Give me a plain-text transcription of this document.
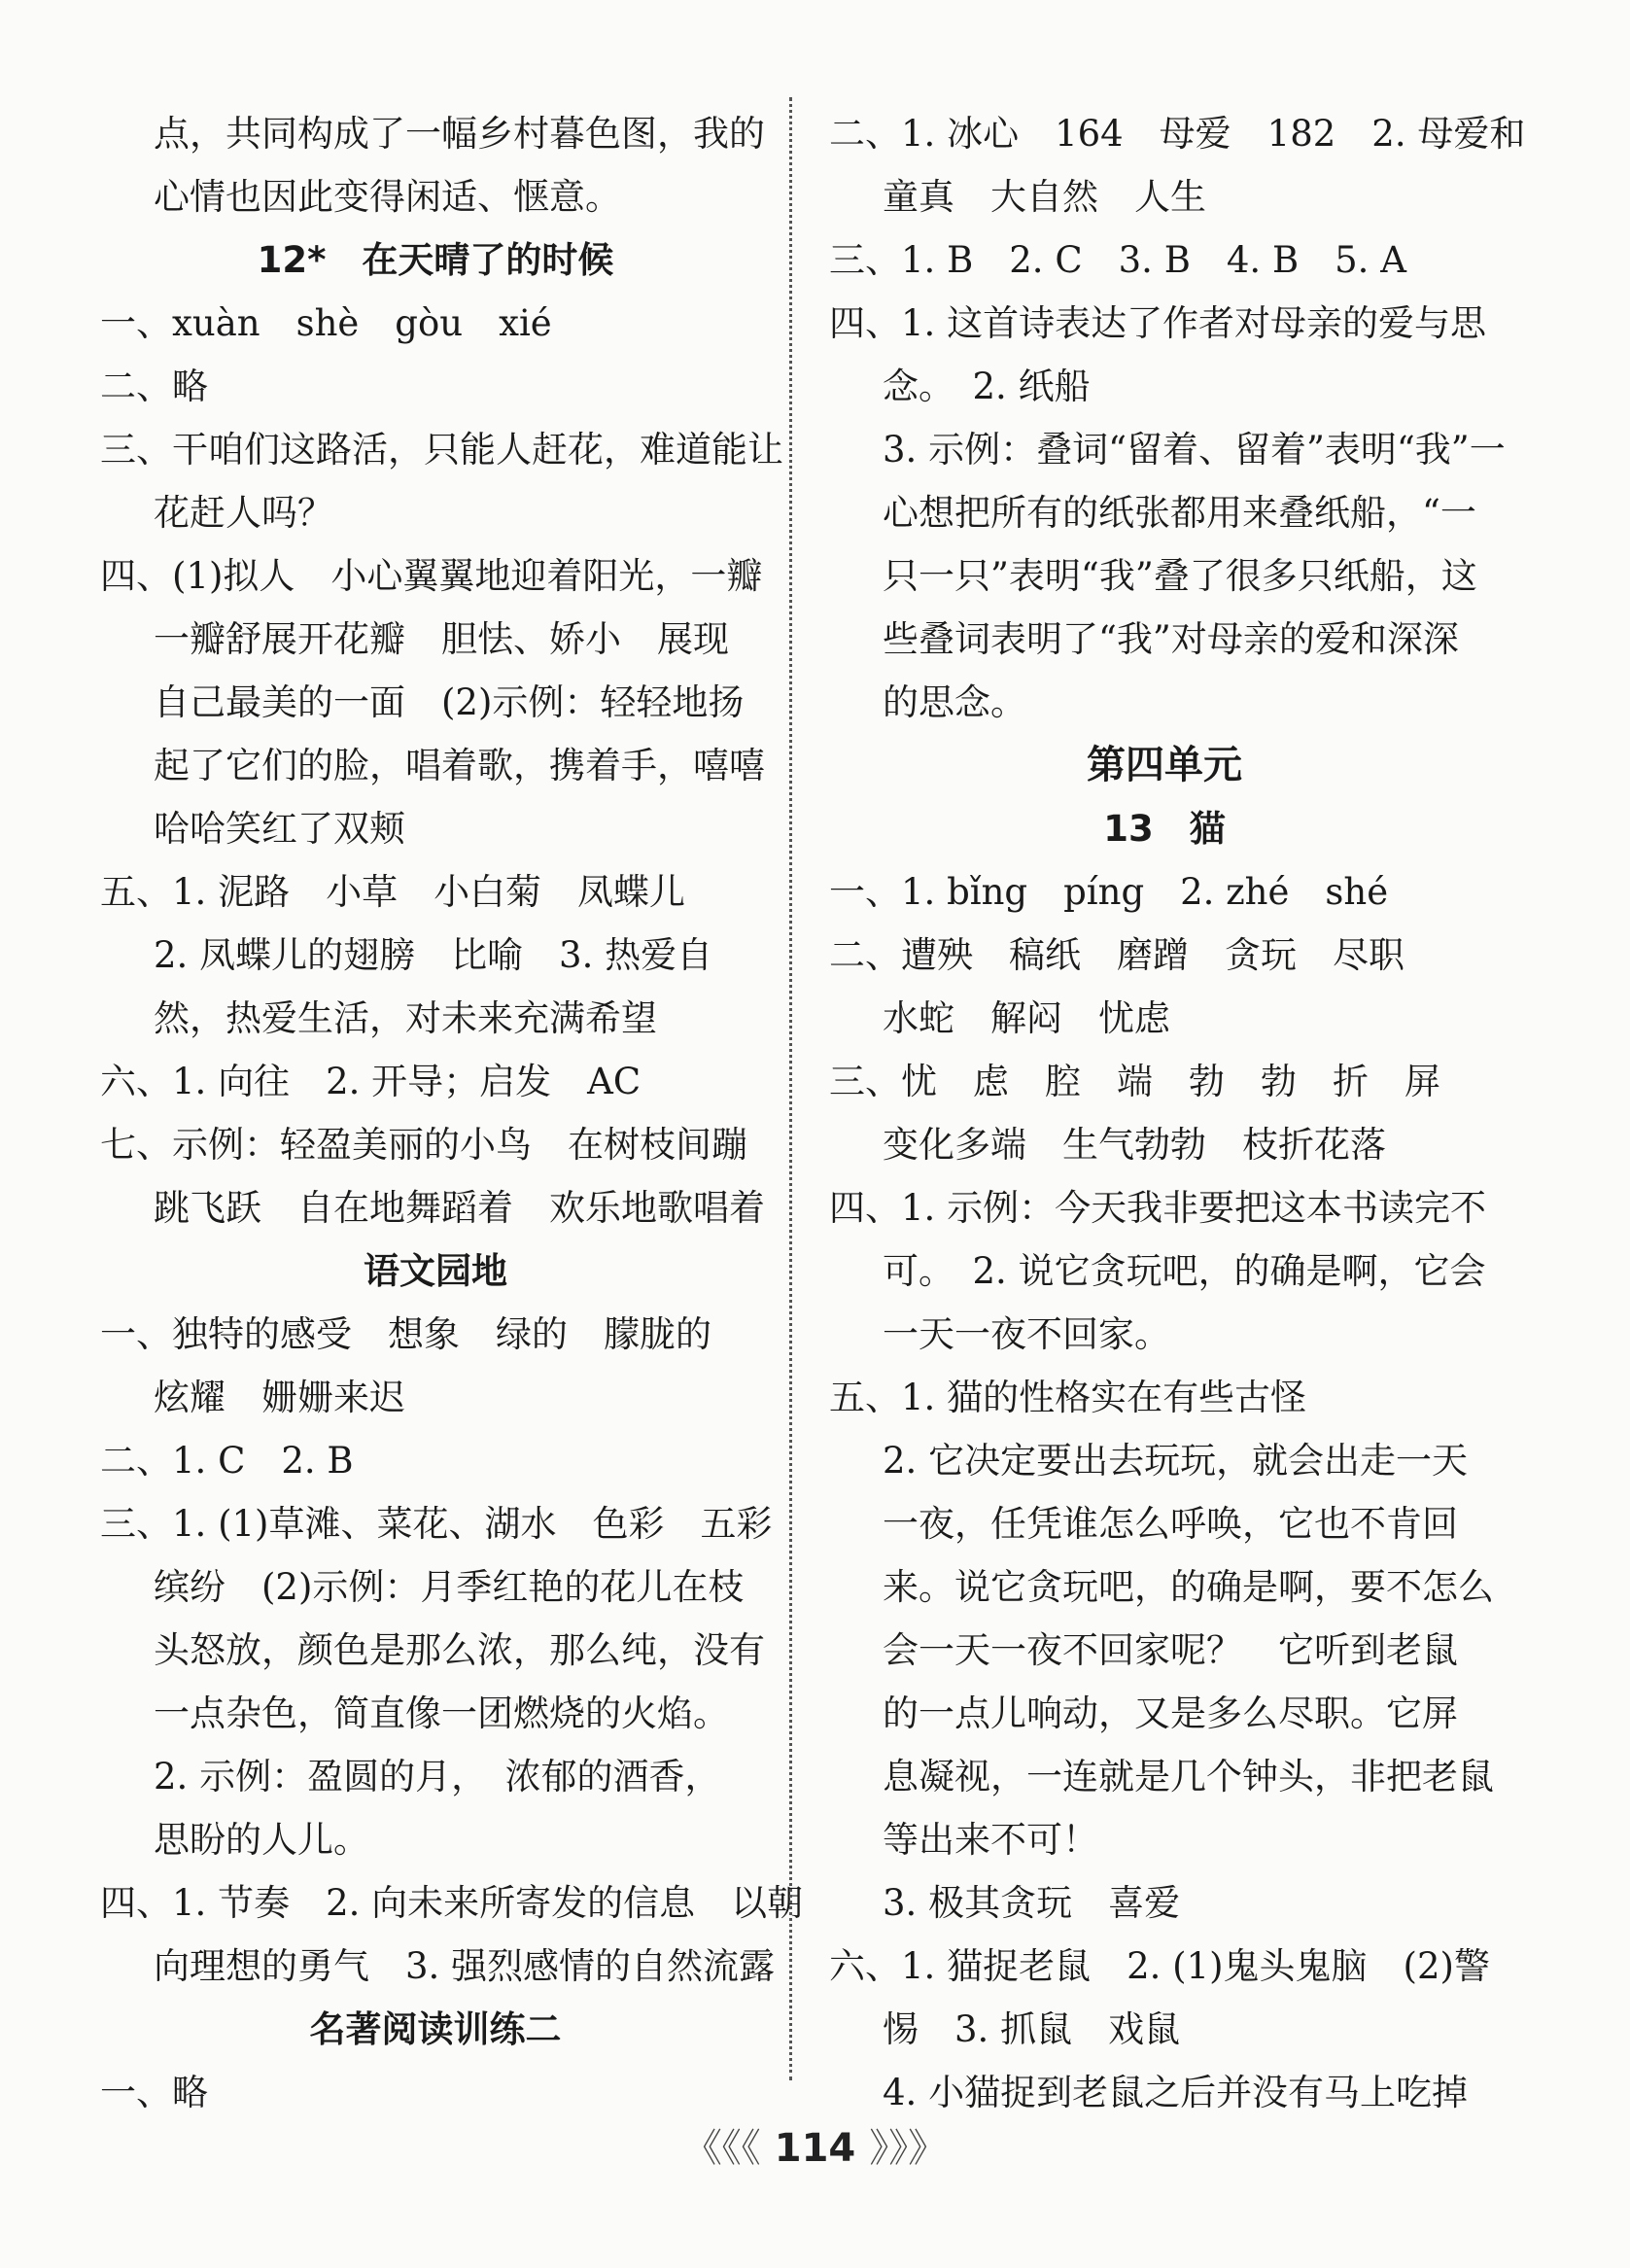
点，共同构成了一幅乡村暮色图，我的
心情也因此变得闲适、惬意。
12*　在天晴了的时候
一、xuàn　shè　gòu　xié
二、略
三、干咱们这路活，只能人赶花，难道能让
花赶人吗？
四、(1)拟人　小心翼翼地迎着阳光，一瓣
一瓣舒展开花瓣　胆怯、娇小　展现
自己最美的一面　(2)示例：轻轻地扬
起了它们的脸，唱着歌，携着手，嘻嘻
哈哈笑红了双颊
五、1. 泥路　小草　小白菊　凤蝶儿
2. 凤蝶儿的翅膀　比喻　3. 热爱自
然，热爱生活，对未来充满希望
六、1. 向往　2. 开导；启发　AC
七、示例：轻盈美丽的小鸟　在树枝间蹦
跳飞跃　自在地舞蹈着　欢乐地歌唱着
语文园地
一、独特的感受　想象　绿的　朦胧的
炫耀　姗姗来迟
二、1. C　2. B
三、1. (1)草滩、菜花、湖水　色彩　五彩
缤纷　(2)示例：月季红艳的花儿在枝
头怒放，颜色是那么浓，那么纯，没有
一点杂色，简直像一团燃烧的火焰。
2. 示例：盈圆的月，　浓郁的酒香，
思盼的人儿。
四、1. 节奏　2. 向未来所寄发的信息　以朝
向理想的勇气　3. 强烈感情的自然流露
名著阅读训练二
一、略
二、1. 冰心　164　母爱　182　2. 母爱和
童真　大自然　人生
三、1. B　2. C　3. B　4. B　5. A
四、1. 这首诗表达了作者对母亲的爱与思
念。　2. 纸船
3. 示例：叠词“留着、留着”表明“我”一
心想把所有的纸张都用来叠纸船，“一
只一只”表明“我”叠了很多只纸船，这
些叠词表明了“我”对母亲的爱和深深
的思念。
第四单元
13　猫
一、1. bǐng　píng　2. zhé　shé
二、遭殃　稿纸　磨蹭　贪玩　尽职
水蛇　解闷　忧虑
三、忧　虑　腔　端　勃　勃　折　屏
变化多端　生气勃勃　枝折花落
四、1. 示例：今天我非要把这本书读完不
可。　2. 说它贪玩吧，的确是啊，它会
一天一夜不回家。
五、1. 猫的性格实在有些古怪
2. 它决定要出去玩玩，就会出走一天
一夜，任凭谁怎么呼唤，它也不肯回
来。说它贪玩吧，的确是啊，要不怎么
会一天一夜不回家呢？　它听到老鼠
的一点儿响动，又是多么尽职。它屏
息凝视，一连就是几个钟头，非把老鼠
等出来不可！
3. 极其贪玩　喜爱
六、1. 猫捉老鼠　2. (1)鬼头鬼脑　(2)警
惕　3. 抓鼠　戏鼠
4. 小猫捉到老鼠之后并没有马上吃掉
《《《 114 》》》
